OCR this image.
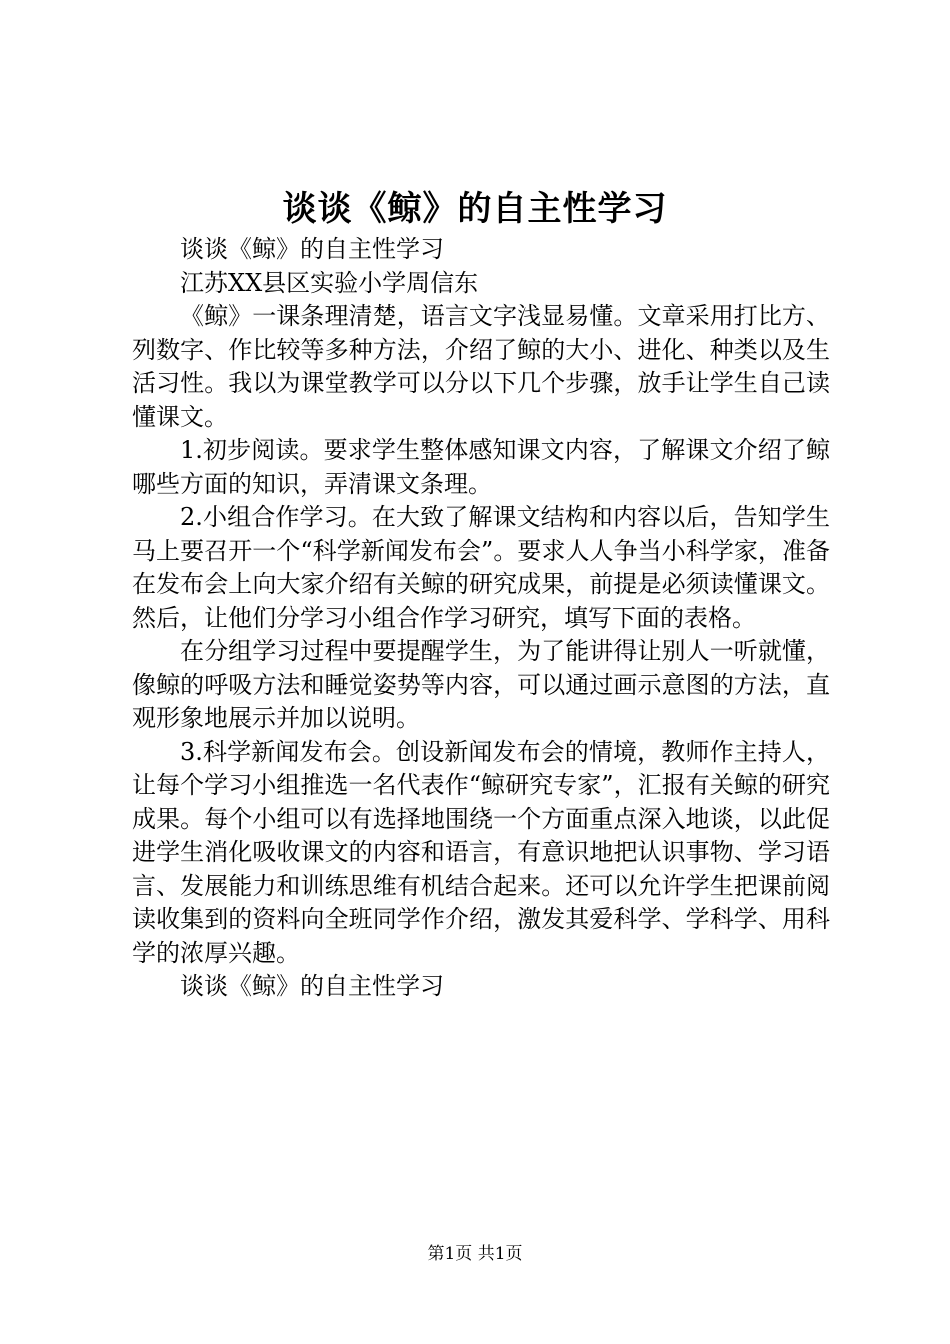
谈谈《鲸》的自主性学习

谈谈《鲸》的自主性学习

江苏XX县区实验小学周信东

《鲸》一课条理清楚，语言文字浅显易懂。文章采用打比方、列数字、作比较等多种方法，介绍了鲸的大小、进化、种类以及生活习性。我以为课堂教学可以分以下几个步骤，放手让学生自己读懂课文。

1.初步阅读。要求学生整体感知课文内容，了解课文介绍了鲸哪些方面的知识，弄清课文条理。

2.小组合作学习。在大致了解课文结构和内容以后，告知学生马上要召开一个“科学新闻发布会”。要求人人争当小科学家，准备在发布会上向大家介绍有关鲸的研究成果，前提是必须读懂课文。然后，让他们分学习小组合作学习研究，填写下面的表格。

在分组学习过程中要提醒学生，为了能讲得让别人一听就懂，像鲸的呼吸方法和睡觉姿势等内容，可以通过画示意图的方法，直观形象地展示并加以说明。

3.科学新闻发布会。创设新闻发布会的情境，教师作主持人，让每个学习小组推选一名代表作“鲸研究专家”，汇报有关鲸的研究成果。每个小组可以有选择地围绕一个方面重点深入地谈，以此促进学生消化吸收课文的内容和语言，有意识地把认识事物、学习语言、发展能力和训练思维有机结合起来。还可以允许学生把课前阅读收集到的资料向全班同学作介绍，激发其爱科学、学科学、用科学的浓厚兴趣。

谈谈《鲸》的自主性学习

第1页 共1页
